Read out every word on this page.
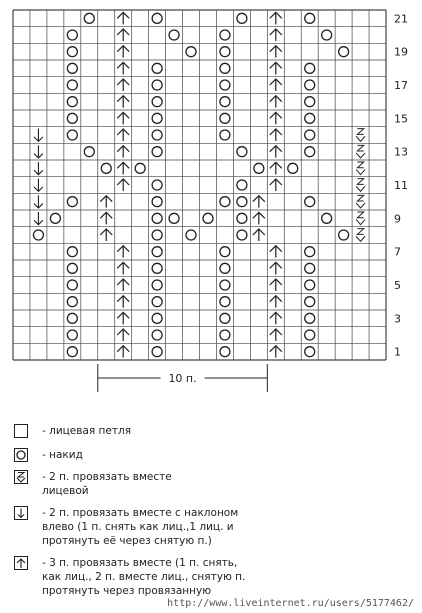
1
3
5
7
9
11
13
15
17
19
21
10 п.
- лицевая петля
- накид
- 2 п. провязать вместе
лицевой
- 2 п. провязать вместе с наклоном
влево (1 п. снять как лиц.,1 лиц. и
протянуть её через снятую п.)
- 3 п. провязать вместе (1 п. снять,
как лиц., 2 п. вместе лиц., снятую п.
протянуть через провязанную
http://www.liveinternet.ru/users/5177462/
